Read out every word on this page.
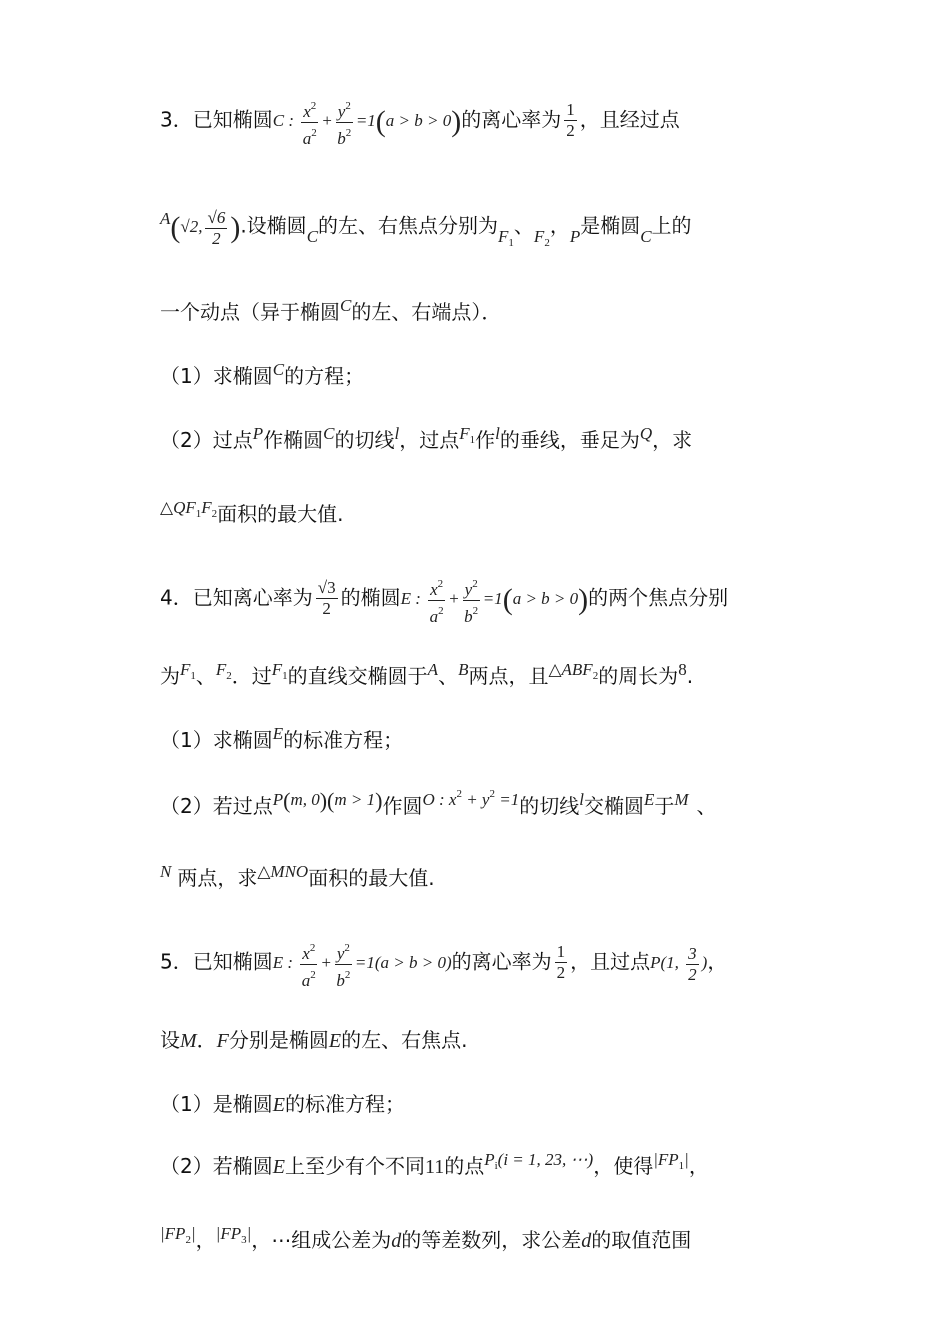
3．已知椭圆C : $\frac{x^2}{a^2} + \frac{y^2}{b^2} =1(a > b > 0)$的离心率为 $\frac{1}{2}$ ，且经过点
$^A$(√2, $\frac{√6}{2}$ ).设椭圆$_C$的左、右焦点分别为$_{F_1}$、$_{F_2}$，$_P$是椭圆$_C$上的
一个动点（异于椭圆$^C$的左、右端点）．
（1）求椭圆$^C$的方程；
（2）过点$^P$作椭圆$^C$的切线$^l$，过点$^{F_1}$作$^l$的垂线，垂足为$^Q$，求
$^{\triangle QF_1F_2}$面积的最大值.
4．已知离心率为 $\frac{√3}{2}$ 的椭圆E : $\frac{x^2}{a^2} + \frac{y^2}{b^2} =1(a > b > 0)$的两个焦点分别
为$^{F_1}$、$^{F_2}$．过$^{F_1}$的直线交椭圆于$^A$、$^B$两点，且$^{\triangle ABF_2}$的周长为$^8$.
（1）求椭圆$^E$的标准方程；
（2）若过点$^{P(m, 0)(m > 1)}$作圆$^{O : x^2 + y^2 =1}$的切线$^l$交椭圆$^E$于$^M$ 、
$^N$ 两点，求$^{\triangle MNO}$面积的最大值.
5．已知椭圆E : $\frac{x^2}{a^2} + \frac{y^2}{b^2} =1(a > b > 0)$的离心率为 $\frac{1}{2}$ ，且过点P(1, $\frac{3}{2}$ )，
设M．F分别是椭圆E的左、右焦点.
（1）是椭圆E的标准方程；
（2）若椭圆E上至少有个不同11的点$^{P_i(i = 1, 23, \cdots)}$，使得$^{|FP_1|}$，
$^{|FP_2|}$，$^{|FP_3|}$，⋯组成公差为d的等差数列，求公差d的取值范围
